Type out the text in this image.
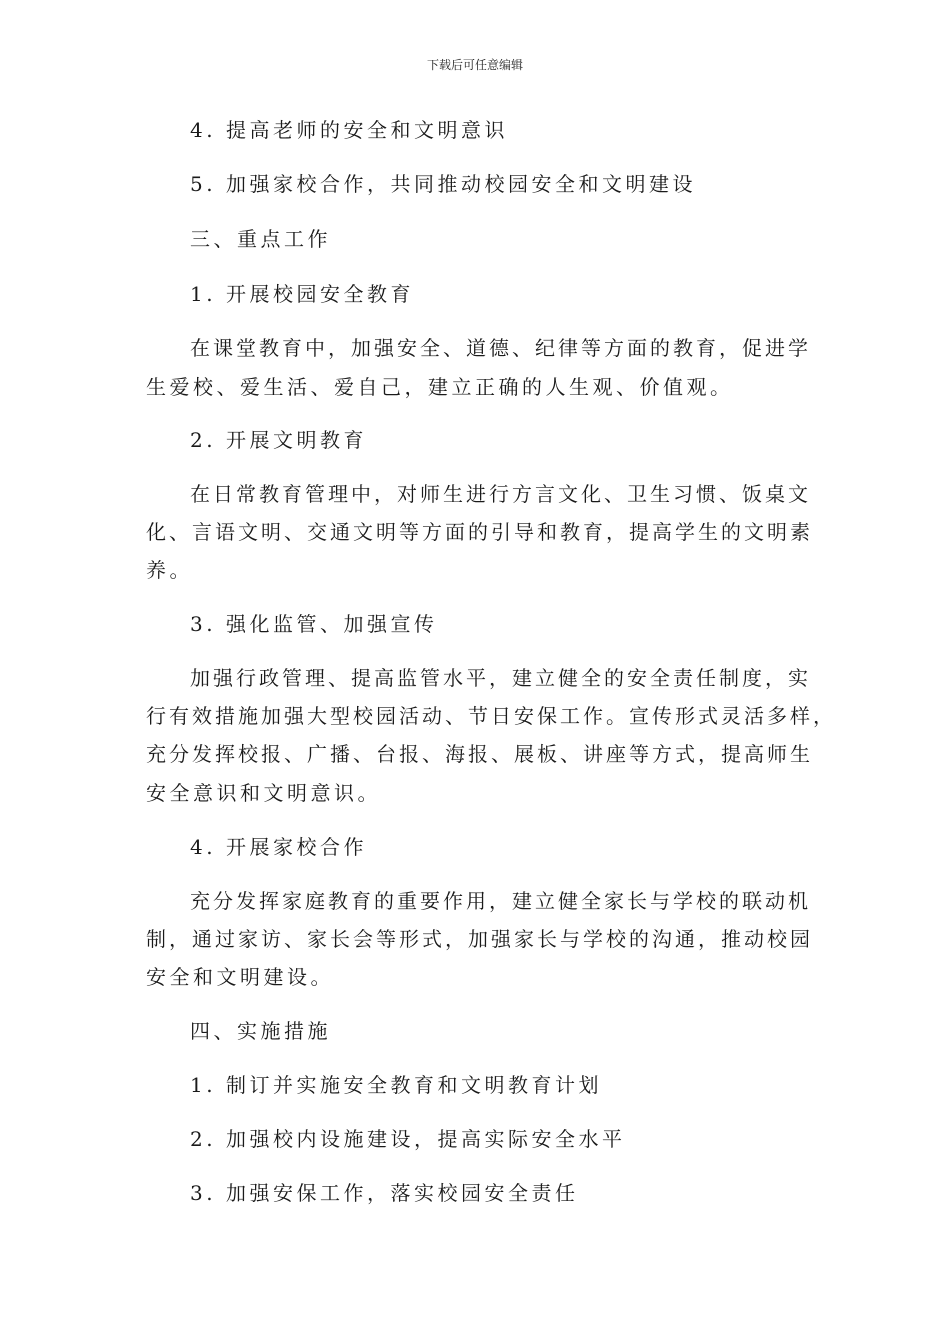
下载后可任意编辑
4. 提高老师的安全和文明意识
5. 加强家校合作，共同推动校园安全和文明建设
三、重点工作
1. 开展校园安全教育
在课堂教育中，加强安全、道德、纪律等方面的教育，促进学
生爱校、爱生活、爱自己，建立正确的人生观、价值观。
2. 开展文明教育
在日常教育管理中，对师生进行方言文化、卫生习惯、饭桌文
化、言语文明、交通文明等方面的引导和教育，提高学生的文明素
养。
3. 强化监管、加强宣传
加强行政管理、提高监管水平，建立健全的安全责任制度，实
行有效措施加强大型校园活动、节日安保工作。宣传形式灵活多样，
充分发挥校报、广播、台报、海报、展板、讲座等方式，提高师生
安全意识和文明意识。
4. 开展家校合作
充分发挥家庭教育的重要作用，建立健全家长与学校的联动机
制，通过家访、家长会等形式，加强家长与学校的沟通，推动校园
安全和文明建设。
四、实施措施
1. 制订并实施安全教育和文明教育计划
2. 加强校内设施建设，提高实际安全水平
3. 加强安保工作，落实校园安全责任
